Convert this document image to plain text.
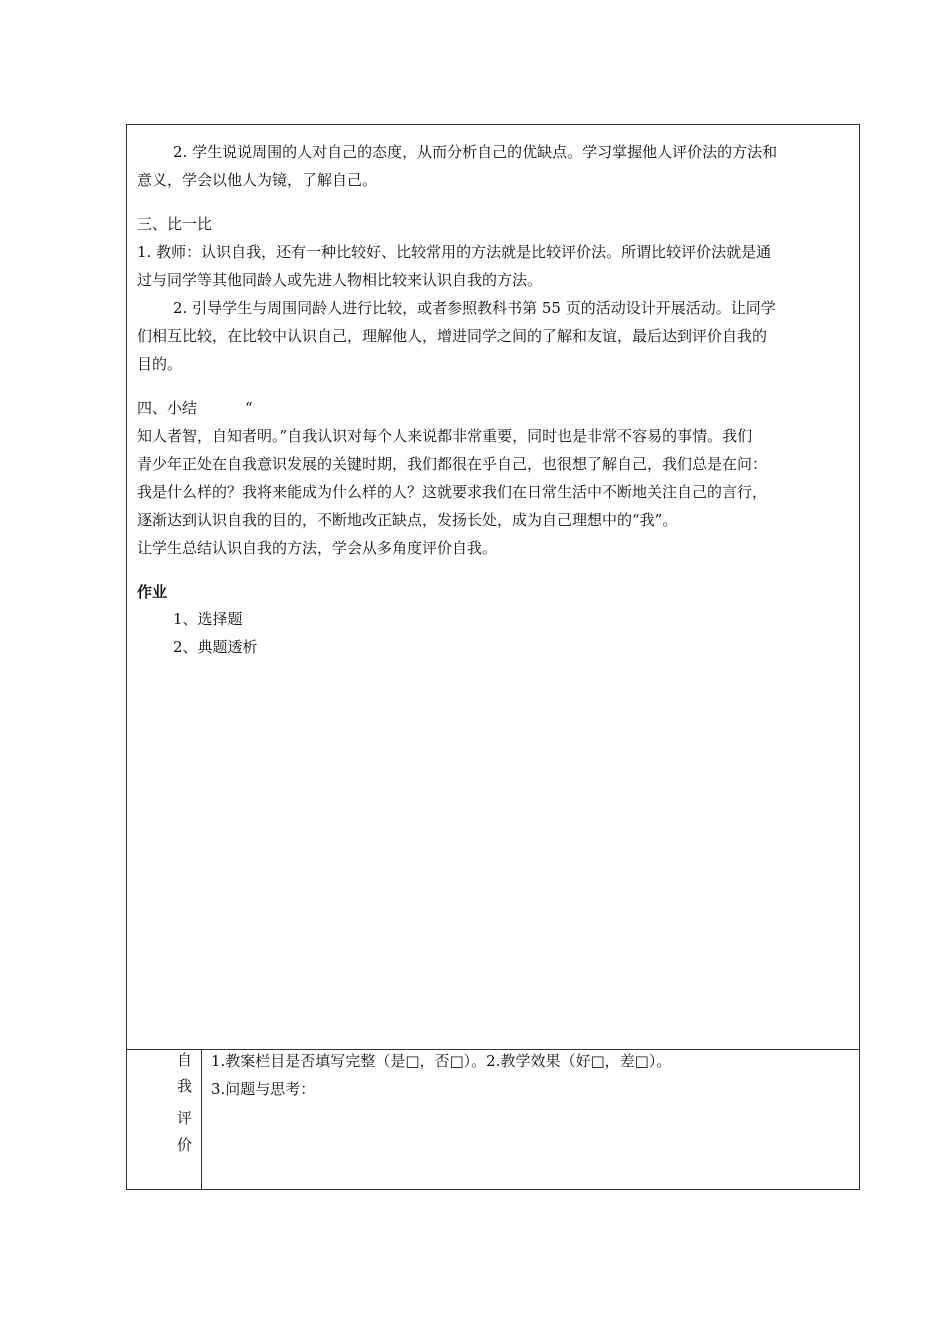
2. 学生说说周围的人对自己的态度，从而分析自己的优缺点。学习掌握他人评价法的方法和
意义，学会以他人为镜，了解自己。
三、比一比
1. 教师：认识自我，还有一种比较好、比较常用的方法就是比较评价法。所谓比较评价法就是通
过与同学等其他同龄人或先进人物相比较来认识自我的方法。
2. 引导学生与周围同龄人进行比较，或者参照教科书第 55 页的活动设计开展活动。让同学
们相互比较，在比较中认识自己，理解他人，增进同学之间的了解和友谊，最后达到评价自我的
目的。
四、小结	“
知人者智，自知者明。”自我认识对每个人来说都非常重要，同时也是非常不容易的事情。我们
青少年正处在自我意识发展的关键时期，我们都很在乎自己，也很想了解自己，我们总是在问：
我是什么样的？我将来能成为什么样的人？这就要求我们在日常生活中不断地关注自己的言行，
逐渐达到认识自我的目的，不断地改正缺点，发扬长处，成为自己理想中的“我”。
让学生总结认识自我的方法，学会从多角度评价自我。
作业
1、选择题
2、典题透析
自
我
评
价
1.教案栏目是否填写完整（是□，否□）。2.教学效果（好□，差□）。
3.问题与思考：
